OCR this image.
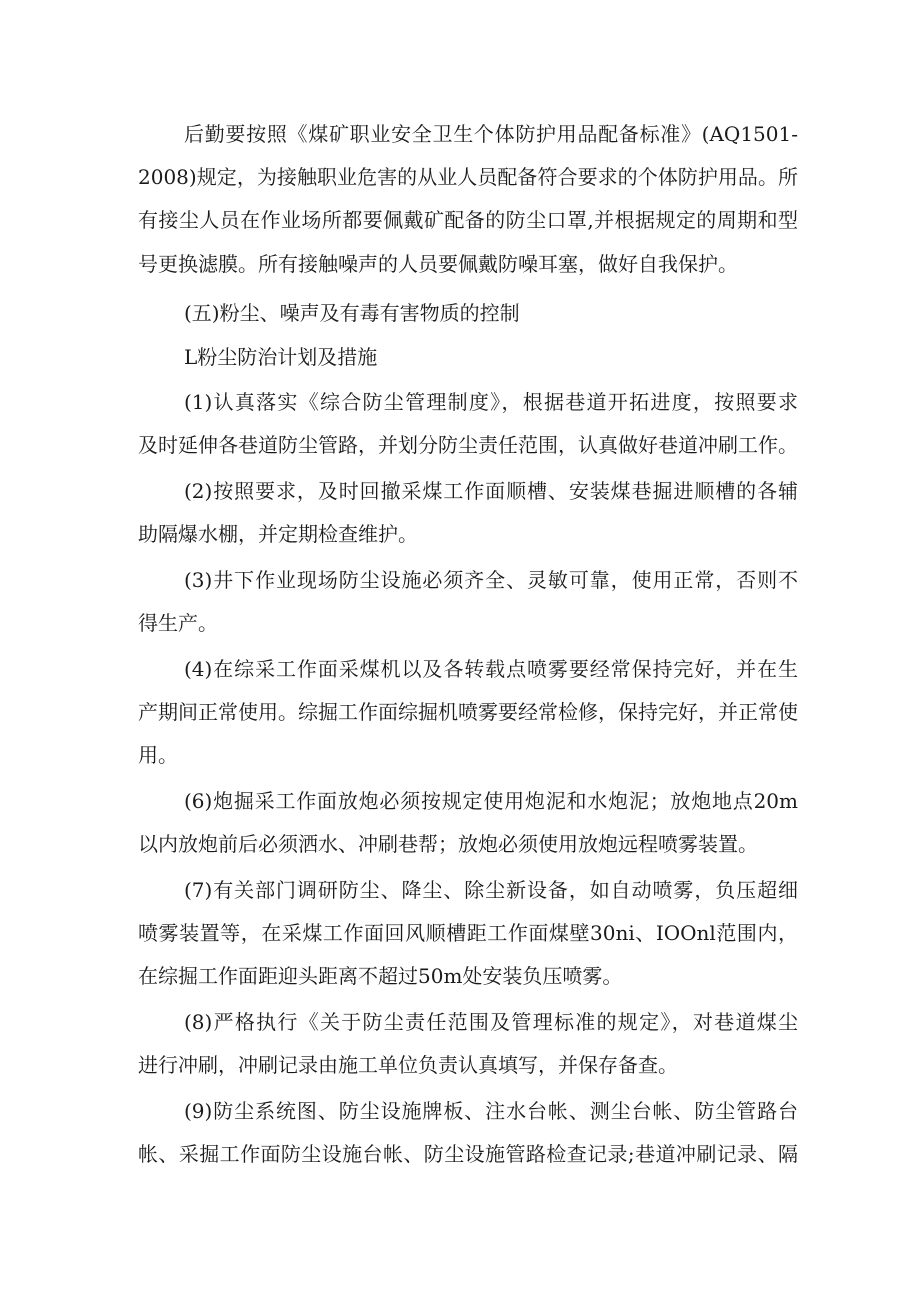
后勤要按照《煤矿职业安全卫生个体防护用品配备标准》(AQ1501-
2008)规定，为接触职业危害的从业人员配备符合要求的个体防护用品。所
有接尘人员在作业场所都要佩戴矿配备的防尘口罩,并根据规定的周期和型
号更换滤膜。所有接触噪声的人员要佩戴防噪耳塞，做好自我保护。
(五)粉尘、噪声及有毒有害物质的控制
L粉尘防治计划及措施
(1)认真落实《综合防尘管理制度》，根据巷道开拓进度，按照要求
及时延伸各巷道防尘管路，并划分防尘责任范围，认真做好巷道冲刷工作。
(2)按照要求，及时回撤采煤工作面顺槽、安装煤巷掘进顺槽的各辅
助隔爆水棚，并定期检查维护。
(3)井下作业现场防尘设施必须齐全、灵敏可靠，使用正常，否则不
得生产。
(4)在综采工作面采煤机以及各转载点喷雾要经常保持完好，并在生
产期间正常使用。综掘工作面综掘机喷雾要经常检修，保持完好，并正常使
用。
(6)炮掘采工作面放炮必须按规定使用炮泥和水炮泥；放炮地点20m
以内放炮前后必须洒水、冲刷巷帮；放炮必须使用放炮远程喷雾装置。
(7)有关部门调研防尘、降尘、除尘新设备，如自动喷雾，负压超细
喷雾装置等，在采煤工作面回风顺槽距工作面煤壁30ni、IOOnl范围内，
在综掘工作面距迎头距离不超过50m处安装负压喷雾。
(8)严格执行《关于防尘责任范围及管理标准的规定》，对巷道煤尘
进行冲刷，冲刷记录由施工单位负责认真填写，并保存备查。
(9)防尘系统图、防尘设施牌板、注水台帐、测尘台帐、防尘管路台
帐、采掘工作面防尘设施台帐、防尘设施管路检查记录;巷道冲刷记录、隔
